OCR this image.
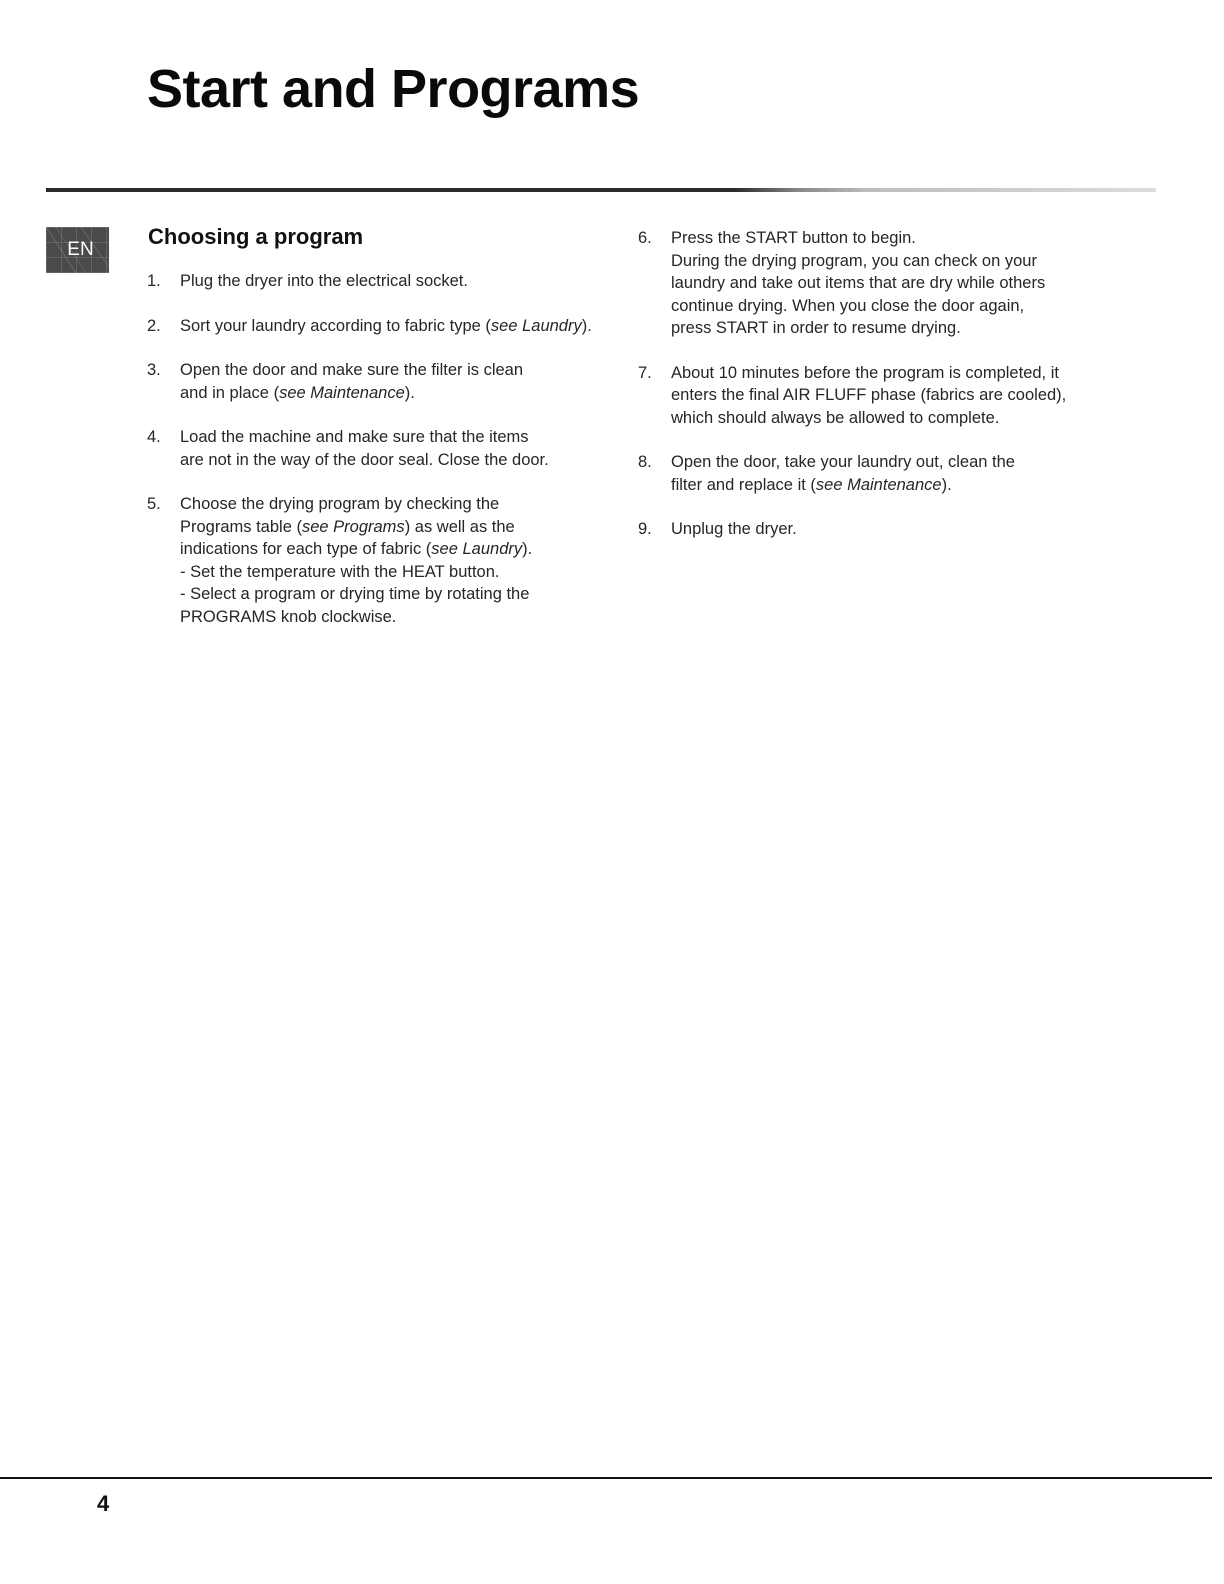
Start and Programs
EN
Choosing a program
1. Plug the dryer into the electrical socket.
2. Sort your laundry according to fabric type (see Laundry).
3. Open the door and make sure the filter is clean
and in place (see Maintenance).
4. Load the machine and make sure that the items
are not in the way of the door seal. Close the door.
5. Choose the drying program by checking the
Programs table (see Programs) as well as the indications for each type of fabric (see Laundry).
- Set the temperature with the HEAT button.
- Select a program or drying time by rotating the PROGRAMS knob clockwise.
6. Press the START button to begin.
During the drying program, you can check on your laundry and take out items that are dry while others continue drying. When you close the door again, press START in order to resume drying.
7. About 10 minutes before the program is completed, it enters the final AIR FLUFF phase (fabrics are cooled), which should always be allowed to complete.
8. Open the door, take your laundry out, clean the
filter and replace it (see Maintenance).
9. Unplug the dryer.
4
